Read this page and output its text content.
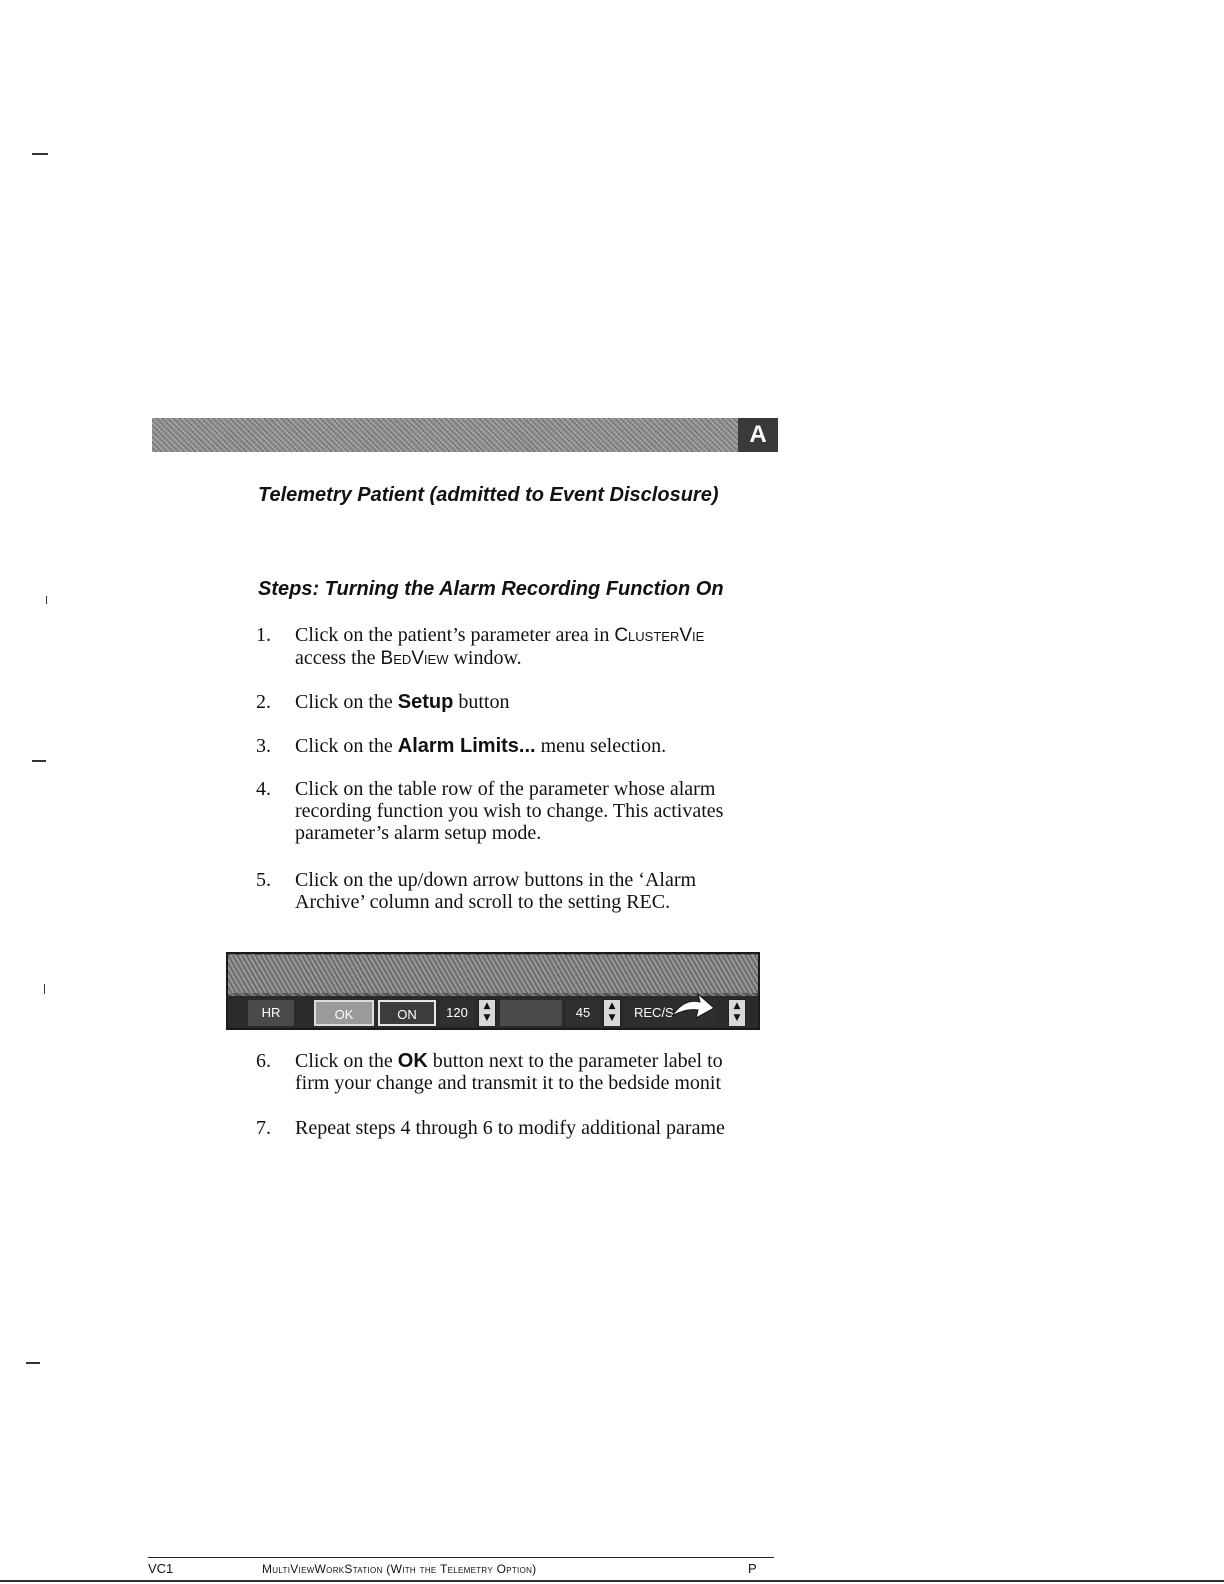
A
Telemetry Patient (admitted to Event Disclosure)
Steps: Turning the Alarm Recording Function On
1.	Click on the patient’s parameter area in ClusterVie
access the BedView window.
2.	Click on the Setup button
3.	Click on the Alarm Limits... menu selection.
4.	Click on the table row of the parameter whose alarm
recording function you wish to change. This activates
parameter’s alarm setup mode.
5.	Click on the up/down arrow buttons in the ‘Alarm
Archive’ column and scroll to the setting REC.
HR	OK	ON	120	▲
▼	45	▲
▼	REC/S	▲
▼
6.	Click on the OK button next to the parameter label to
firm your change and transmit it to the bedside monit
7.	Repeat steps 4 through 6 to modify additional parame
VC1	MultiViewWorkStation (With the Telemetry Option)	P
